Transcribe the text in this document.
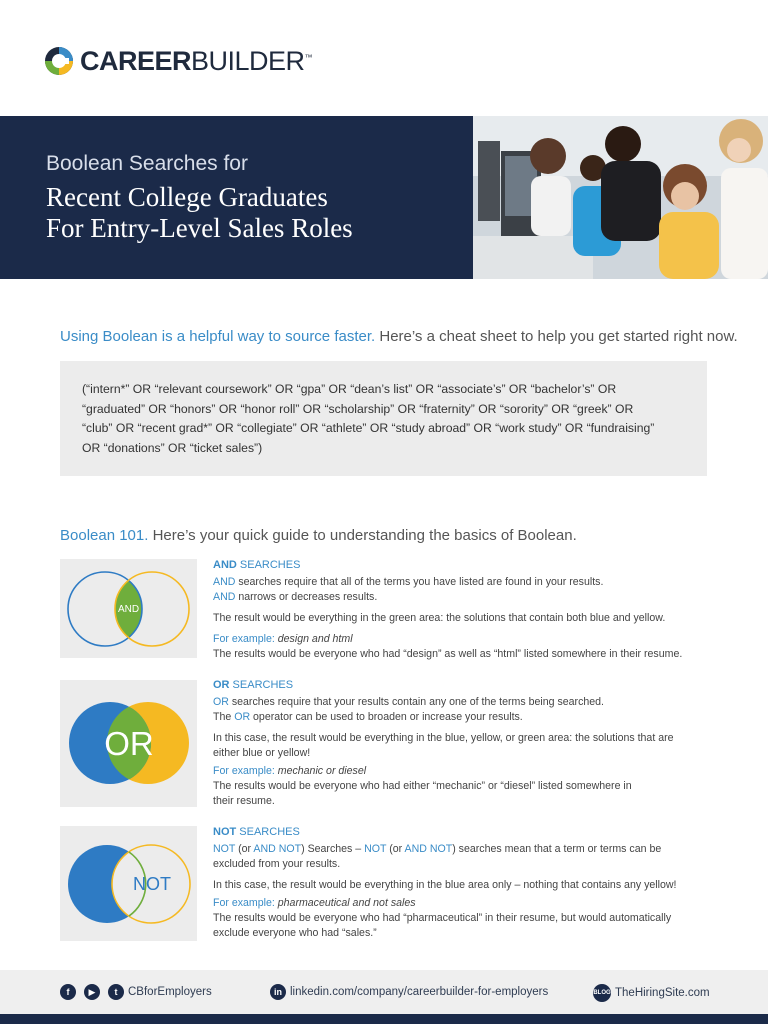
CAREERBUILDER™
Boolean Searches for
Recent College Graduates
For Entry-Level Sales Roles
Using Boolean is a helpful way to source faster. Here’s a cheat sheet to help you get started right now.
(“intern*” OR “relevant coursework” OR “gpa” OR “dean’s list” OR “associate’s” OR “bachelor’s” OR
“graduated” OR “honors” OR “honor roll” OR “scholarship” OR “fraternity” OR “sorority” OR “greek” OR
“club” OR “recent grad*” OR “collegiate” OR “athlete” OR “study abroad” OR “work study” OR “fundraising”
OR “donations” OR “ticket sales”)
Boolean 101. Here’s your quick guide to understanding the basics of Boolean.
AND
AND SEARCHES
AND searches require that all of the terms you have listed are found in your results.
AND narrows or decreases results.
The result would be everything in the green area: the solutions that contain both blue and yellow.
For example: design and html
The results would be everyone who had “design” as well as “html” listed somewhere in their resume.
OR
OR SEARCHES
OR searches require that your results contain any one of the terms being searched.
The OR operator can be used to broaden or increase your results.
In this case, the result would be everything in the blue, yellow, or green area: the solutions that are
either blue or yellow!
For example: mechanic or diesel
The results would be everyone who had either “mechanic” or “diesel” listed somewhere in
their resume.
NOT
NOT SEARCHES
NOT (or AND NOT) Searches – NOT (or AND NOT) searches mean that a term or terms can be
excluded from your results.
In this case, the result would be everything in the blue area only – nothing that contains any yellow!
For example: pharmaceutical and not sales
The results would be everyone who had “pharmaceutical” in their resume, but would automatically
exclude everyone who had “sales.”
f	▶	t CBforEmployers	in linkedin.com/company/careerbuilder-for-employers	BLOG TheHiringSite.com
